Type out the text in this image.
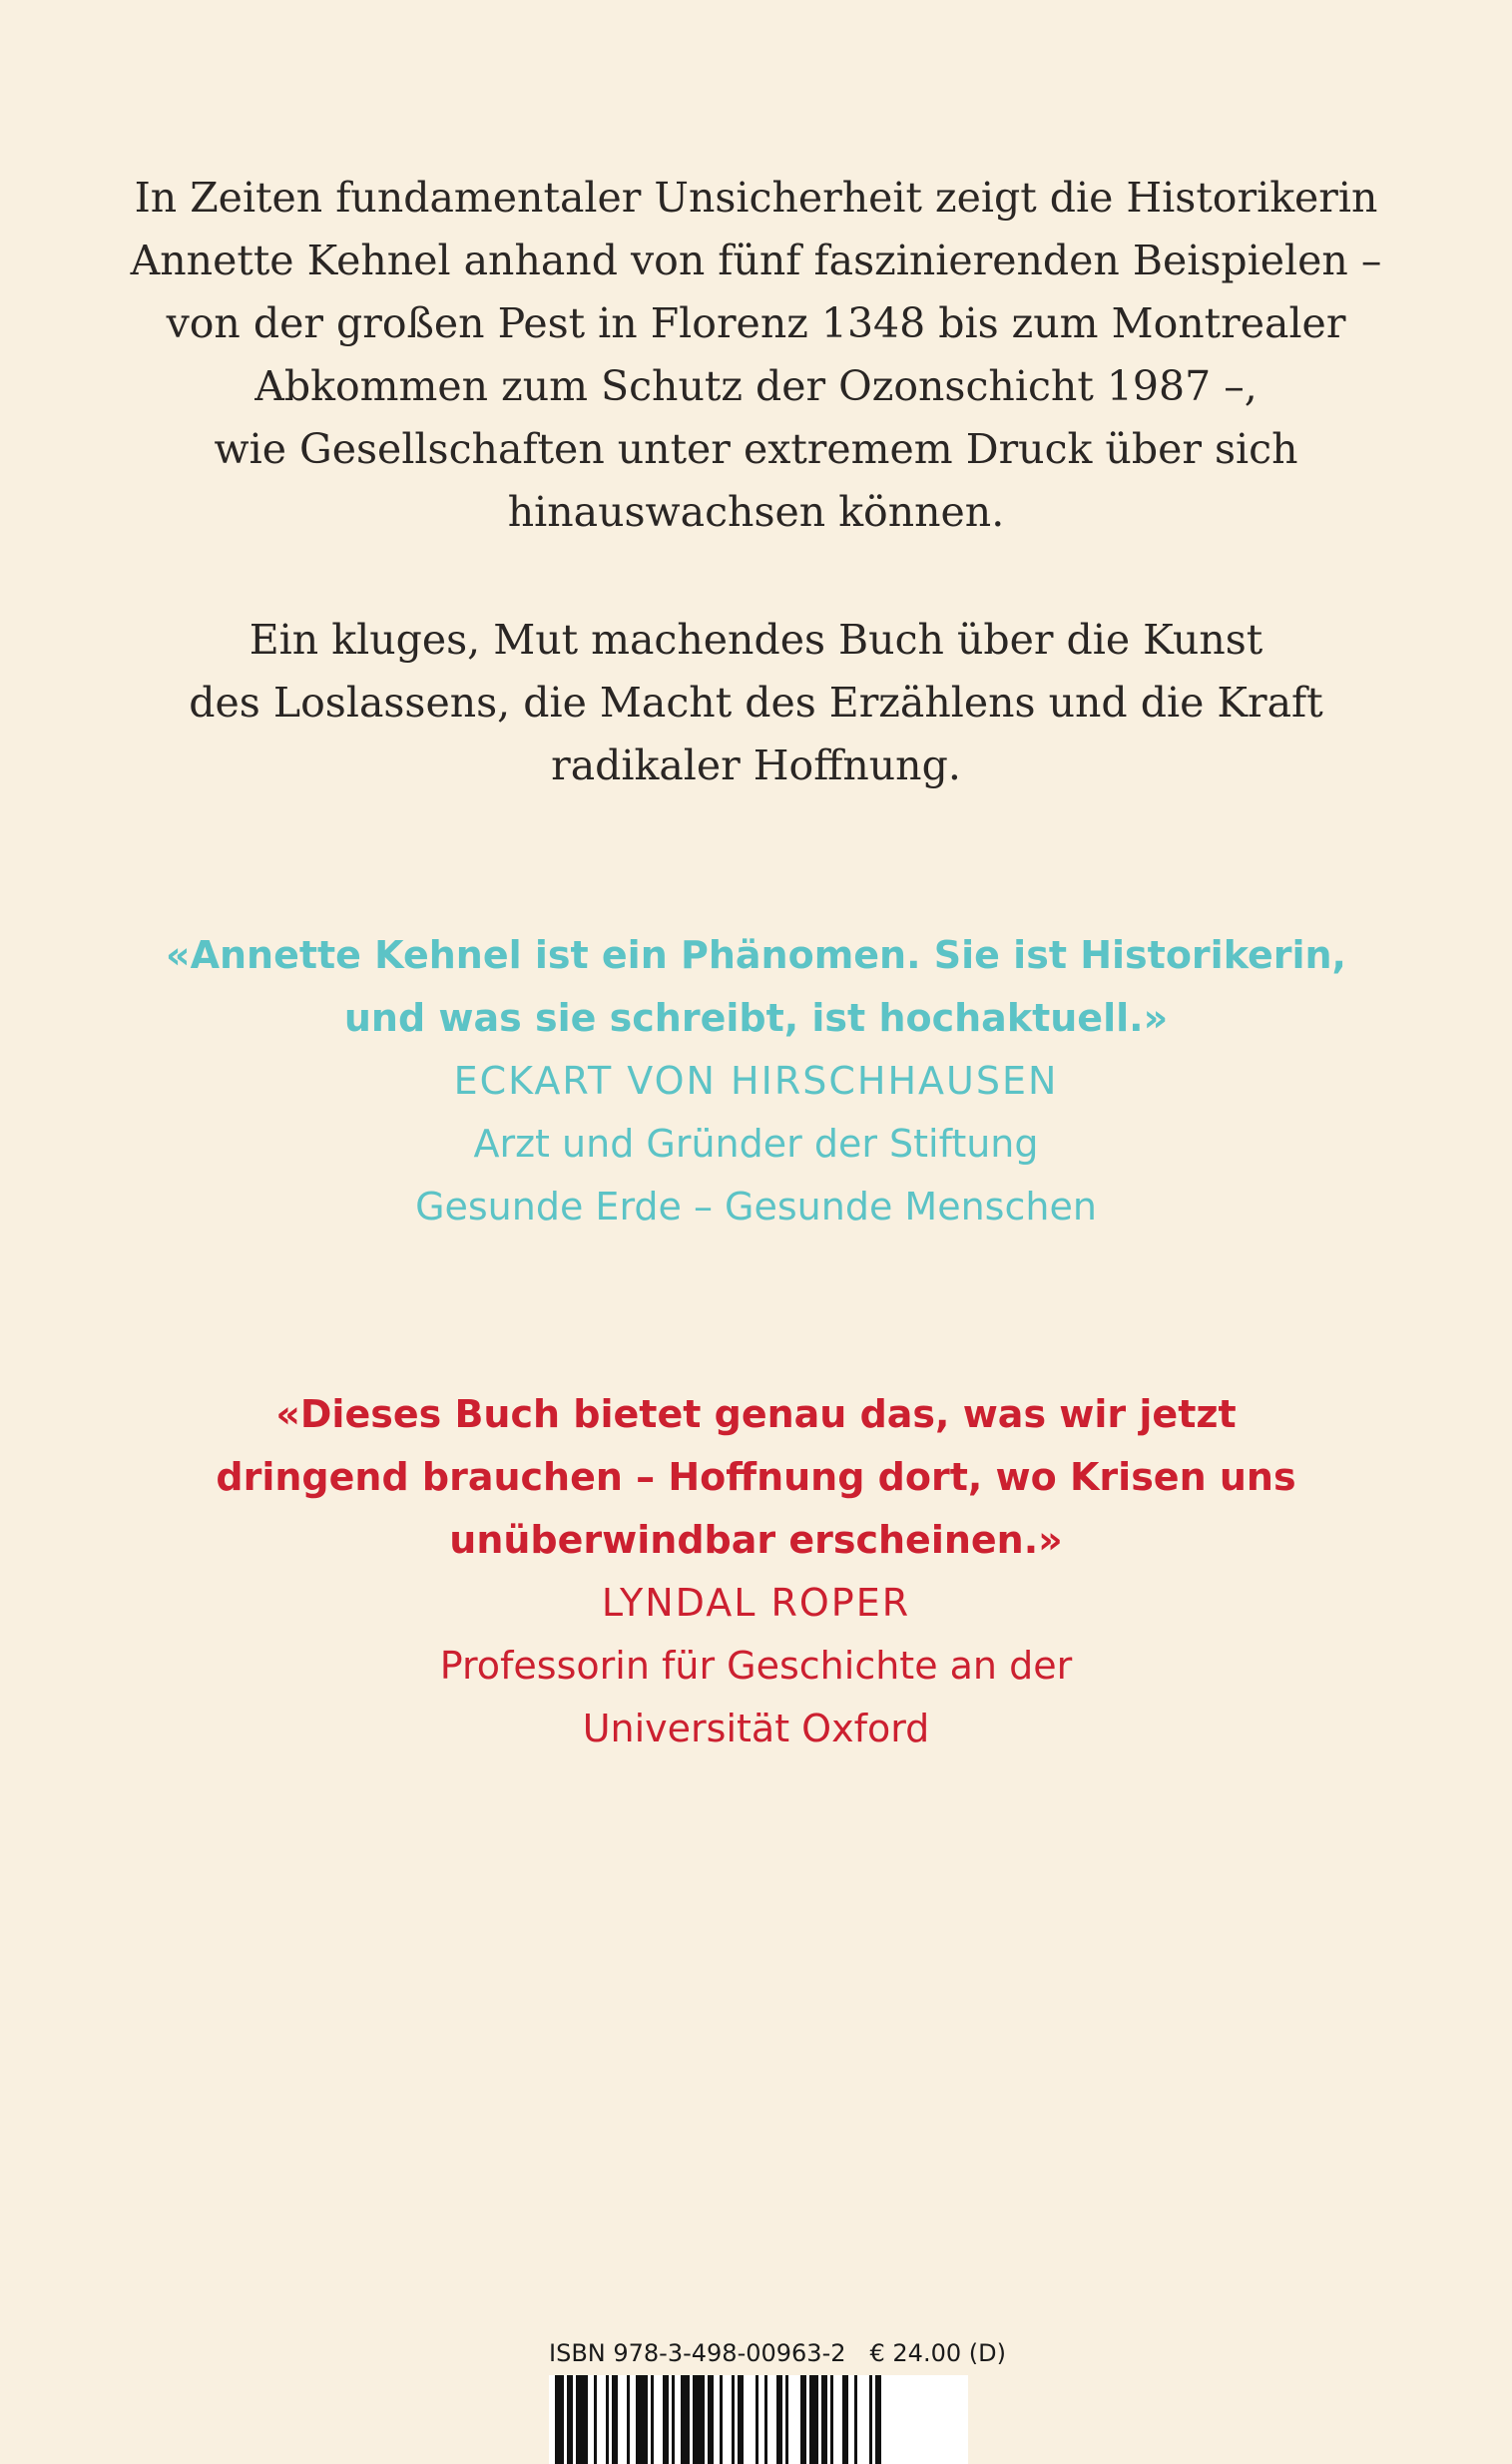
In Zeiten fundamentaler Unsicherheit zeigt die Historikerin
Annette Kehnel anhand von fünf faszinierenden Beispielen –
von der großen Pest in Florenz 1348 bis zum Montrealer
Abkommen zum Schutz der Ozonschicht 1987 –,
wie Gesellschaften unter extremem Druck über sich
hinauswachsen können.
Ein kluges, Mut machendes Buch über die Kunst
des Loslassens, die Macht des Erzählens und die Kraft
radikaler Hoffnung.
«Annette Kehnel ist ein Phänomen. Sie ist Historikerin,
und was sie schreibt, ist hochaktuell.»
ECKART VON HIRSCHHAUSEN
Arzt und Gründer der Stiftung
Gesunde Erde – Gesunde Menschen
«Dieses Buch bietet genau das, was wir jetzt
dringend brauchen – Hoffnung dort, wo Krisen uns
unüberwindbar erscheinen.»
LYNDAL ROPER
Professorin für Geschichte an der
Universität Oxford
ISBN 978-3-498-00963-2 € 24.00 (D)
